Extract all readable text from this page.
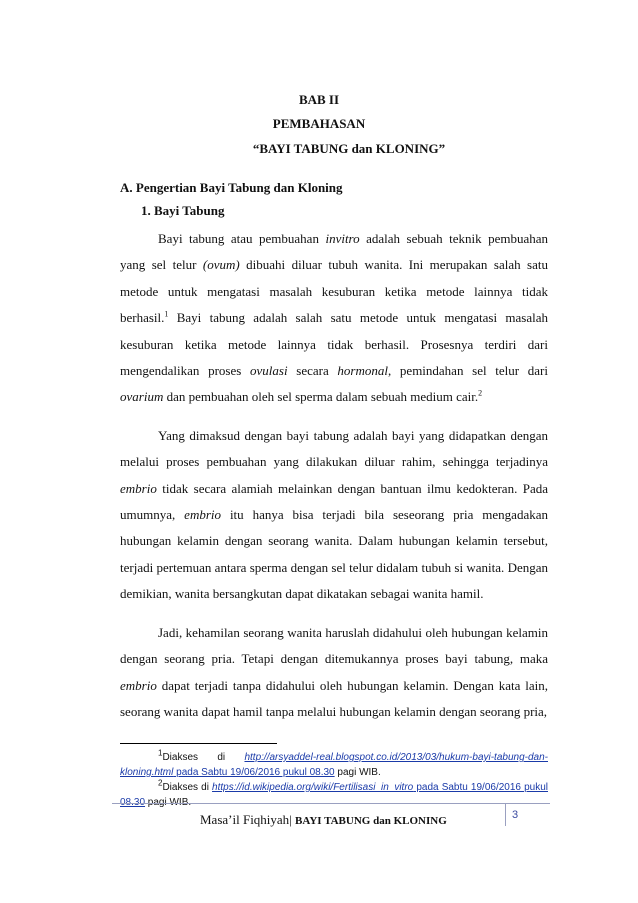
BAB II
PEMBAHASAN
“BAYI TABUNG dan KLONING”
A. Pengertian Bayi Tabung dan Kloning
1. Bayi Tabung

Bayi tabung atau pembuahan invitro adalah sebuah teknik pembuahan yang sel telur (ovum) dibuahi diluar tubuh wanita. Ini merupakan salah satu metode untuk mengatasi masalah kesuburan ketika metode lainnya tidak berhasil.$^1$ Bayi tabung adalah salah satu metode untuk mengatasi masalah kesuburan ketika metode lainnya tidak berhasil. Prosesnya terdiri dari mengendalikan proses ovulasi secara hormonal, pemindahan sel telur dari ovarium dan pembuahan oleh sel sperma dalam sebuah medium cair.$^2$

Yang dimaksud dengan bayi tabung adalah bayi yang didapatkan dengan melalui proses pembuahan yang dilakukan diluar rahim, sehingga terjadinya embrio tidak secara alamiah melainkan dengan bantuan ilmu kedokteran. Pada umumnya, embrio itu hanya bisa terjadi bila seseorang pria mengadakan hubungan kelamin dengan seorang wanita. Dalam hubungan kelamin tersebut, terjadi pertemuan antara sperma dengan sel telur didalam tubuh si wanita. Dengan demikian, wanita bersangkutan dapat dikatakan sebagai wanita hamil.

Jadi, kehamilan seorang wanita haruslah didahului oleh hubungan kelamin dengan seorang pria. Tetapi dengan ditemukannya proses bayi tabung, maka embrio dapat terjadi tanpa didahului oleh hubungan kelamin. Dengan kata lain, seorang wanita dapat hamil tanpa melalui hubungan kelamin dengan seorang pria,

$^1$Diakses di http://arsyaddel-real.blogspot.co.id/2013/03/hukum-bayi-tabung-dan-kloning.html pada Sabtu 19/06/2016 pukul 08.30 pagi WIB.

$^2$Diakses di https://id.wikipedia.org/wiki/Fertilisasi_in_vitro pada Sabtu 19/06/2016 pukul

Masa’il Fiqhiyah| BAYI TABUNG dan KLONING	3
